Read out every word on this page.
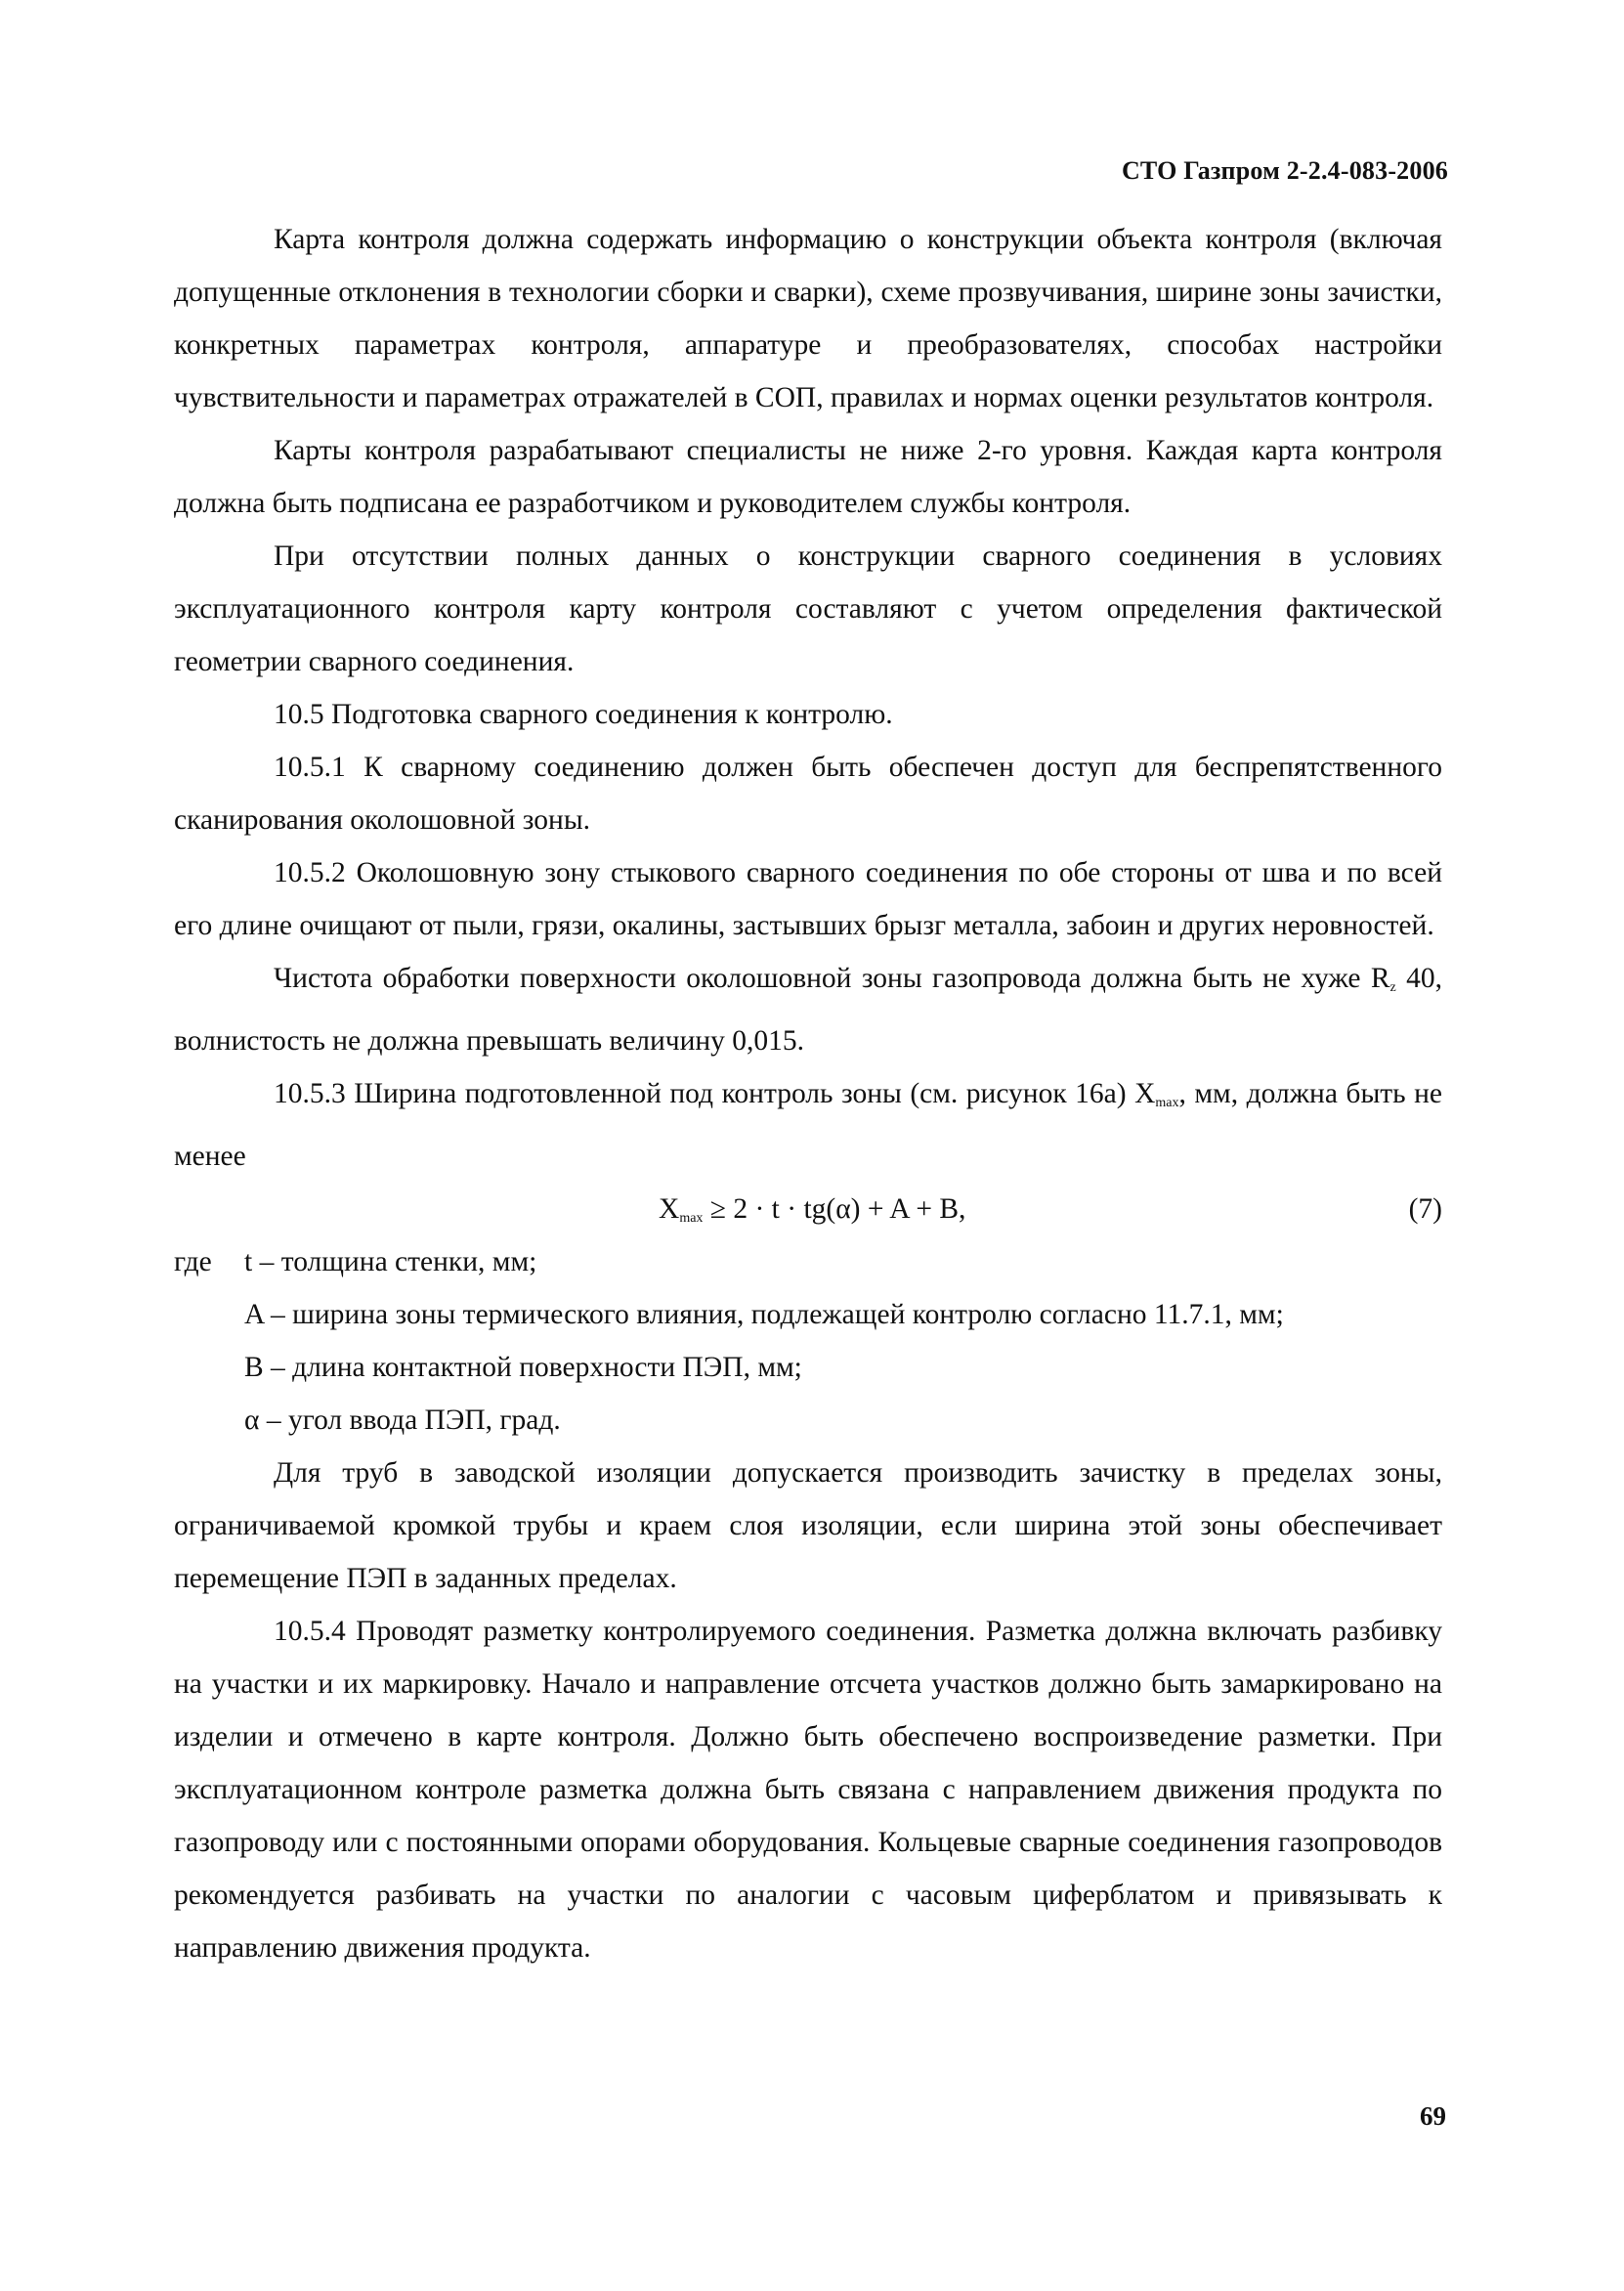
СТО Газпром 2-2.4-083-2006

Карта контроля должна содержать информацию о конструкции объекта контроля (включая допущенные отклонения в технологии сборки и сварки), схеме прозвучивания, ширине зоны зачистки, конкретных параметрах контроля, аппаратуре и преобразователях, способах настройки чувствительности и параметрах отражателей в СОП, правилах и нормах оценки результатов контроля.

Карты контроля разрабатывают специалисты не ниже 2-го уровня. Каждая карта контроля должна быть подписана ее разработчиком и руководителем службы контроля.

При отсутствии полных данных о конструкции сварного соединения в условиях эксплуатационного контроля карту контроля составляют с учетом определения фактической геометрии сварного соединения.

10.5 Подготовка сварного соединения к контролю.

10.5.1 К сварному соединению должен быть обеспечен доступ для беспрепятственного сканирования околошовной зоны.

10.5.2 Околошовную зону стыкового сварного соединения по обе стороны от шва и по всей его длине очищают от пыли, грязи, окалины, застывших брызг металла, забоин и других неровностей.

Чистота обработки поверхности околошовной зоны газопровода должна быть не хуже $R_z$ 40, волнистость не должна превышать величину 0,015.

10.5.3 Ширина подготовленной под контроль зоны (см. рисунок 16а) $X_{max}$, мм, должна быть не менее

$X_{max} \ge 2 \cdot t \cdot tg(\alpha) + A + B$,	(7)
где t – толщина стенки, мм;
A – ширина зоны термического влияния, подлежащей контролю согласно 11.7.1, мм;
B – длина контактной поверхности ПЭП, мм;
α – угол ввода ПЭП, град.

Для труб в заводской изоляции допускается производить зачистку в пределах зоны, ограничиваемой кромкой трубы и краем слоя изоляции, если ширина этой зоны обеспечивает перемещение ПЭП в заданных пределах.

10.5.4 Проводят разметку контролируемого соединения. Разметка должна включать разбивку на участки и их маркировку. Начало и направление отсчета участков должно быть замаркировано на изделии и отмечено в карте контроля. Должно быть обеспечено воспроизведение разметки. При эксплуатационном контроле разметка должна быть связана с направлением движения продукта по газопроводу или с постоянными опорами оборудования. Кольцевые сварные соединения газопроводов рекомендуется разбивать на участки по аналогии с часовым циферблатом и привязывать к направлению движения продукта.

69
